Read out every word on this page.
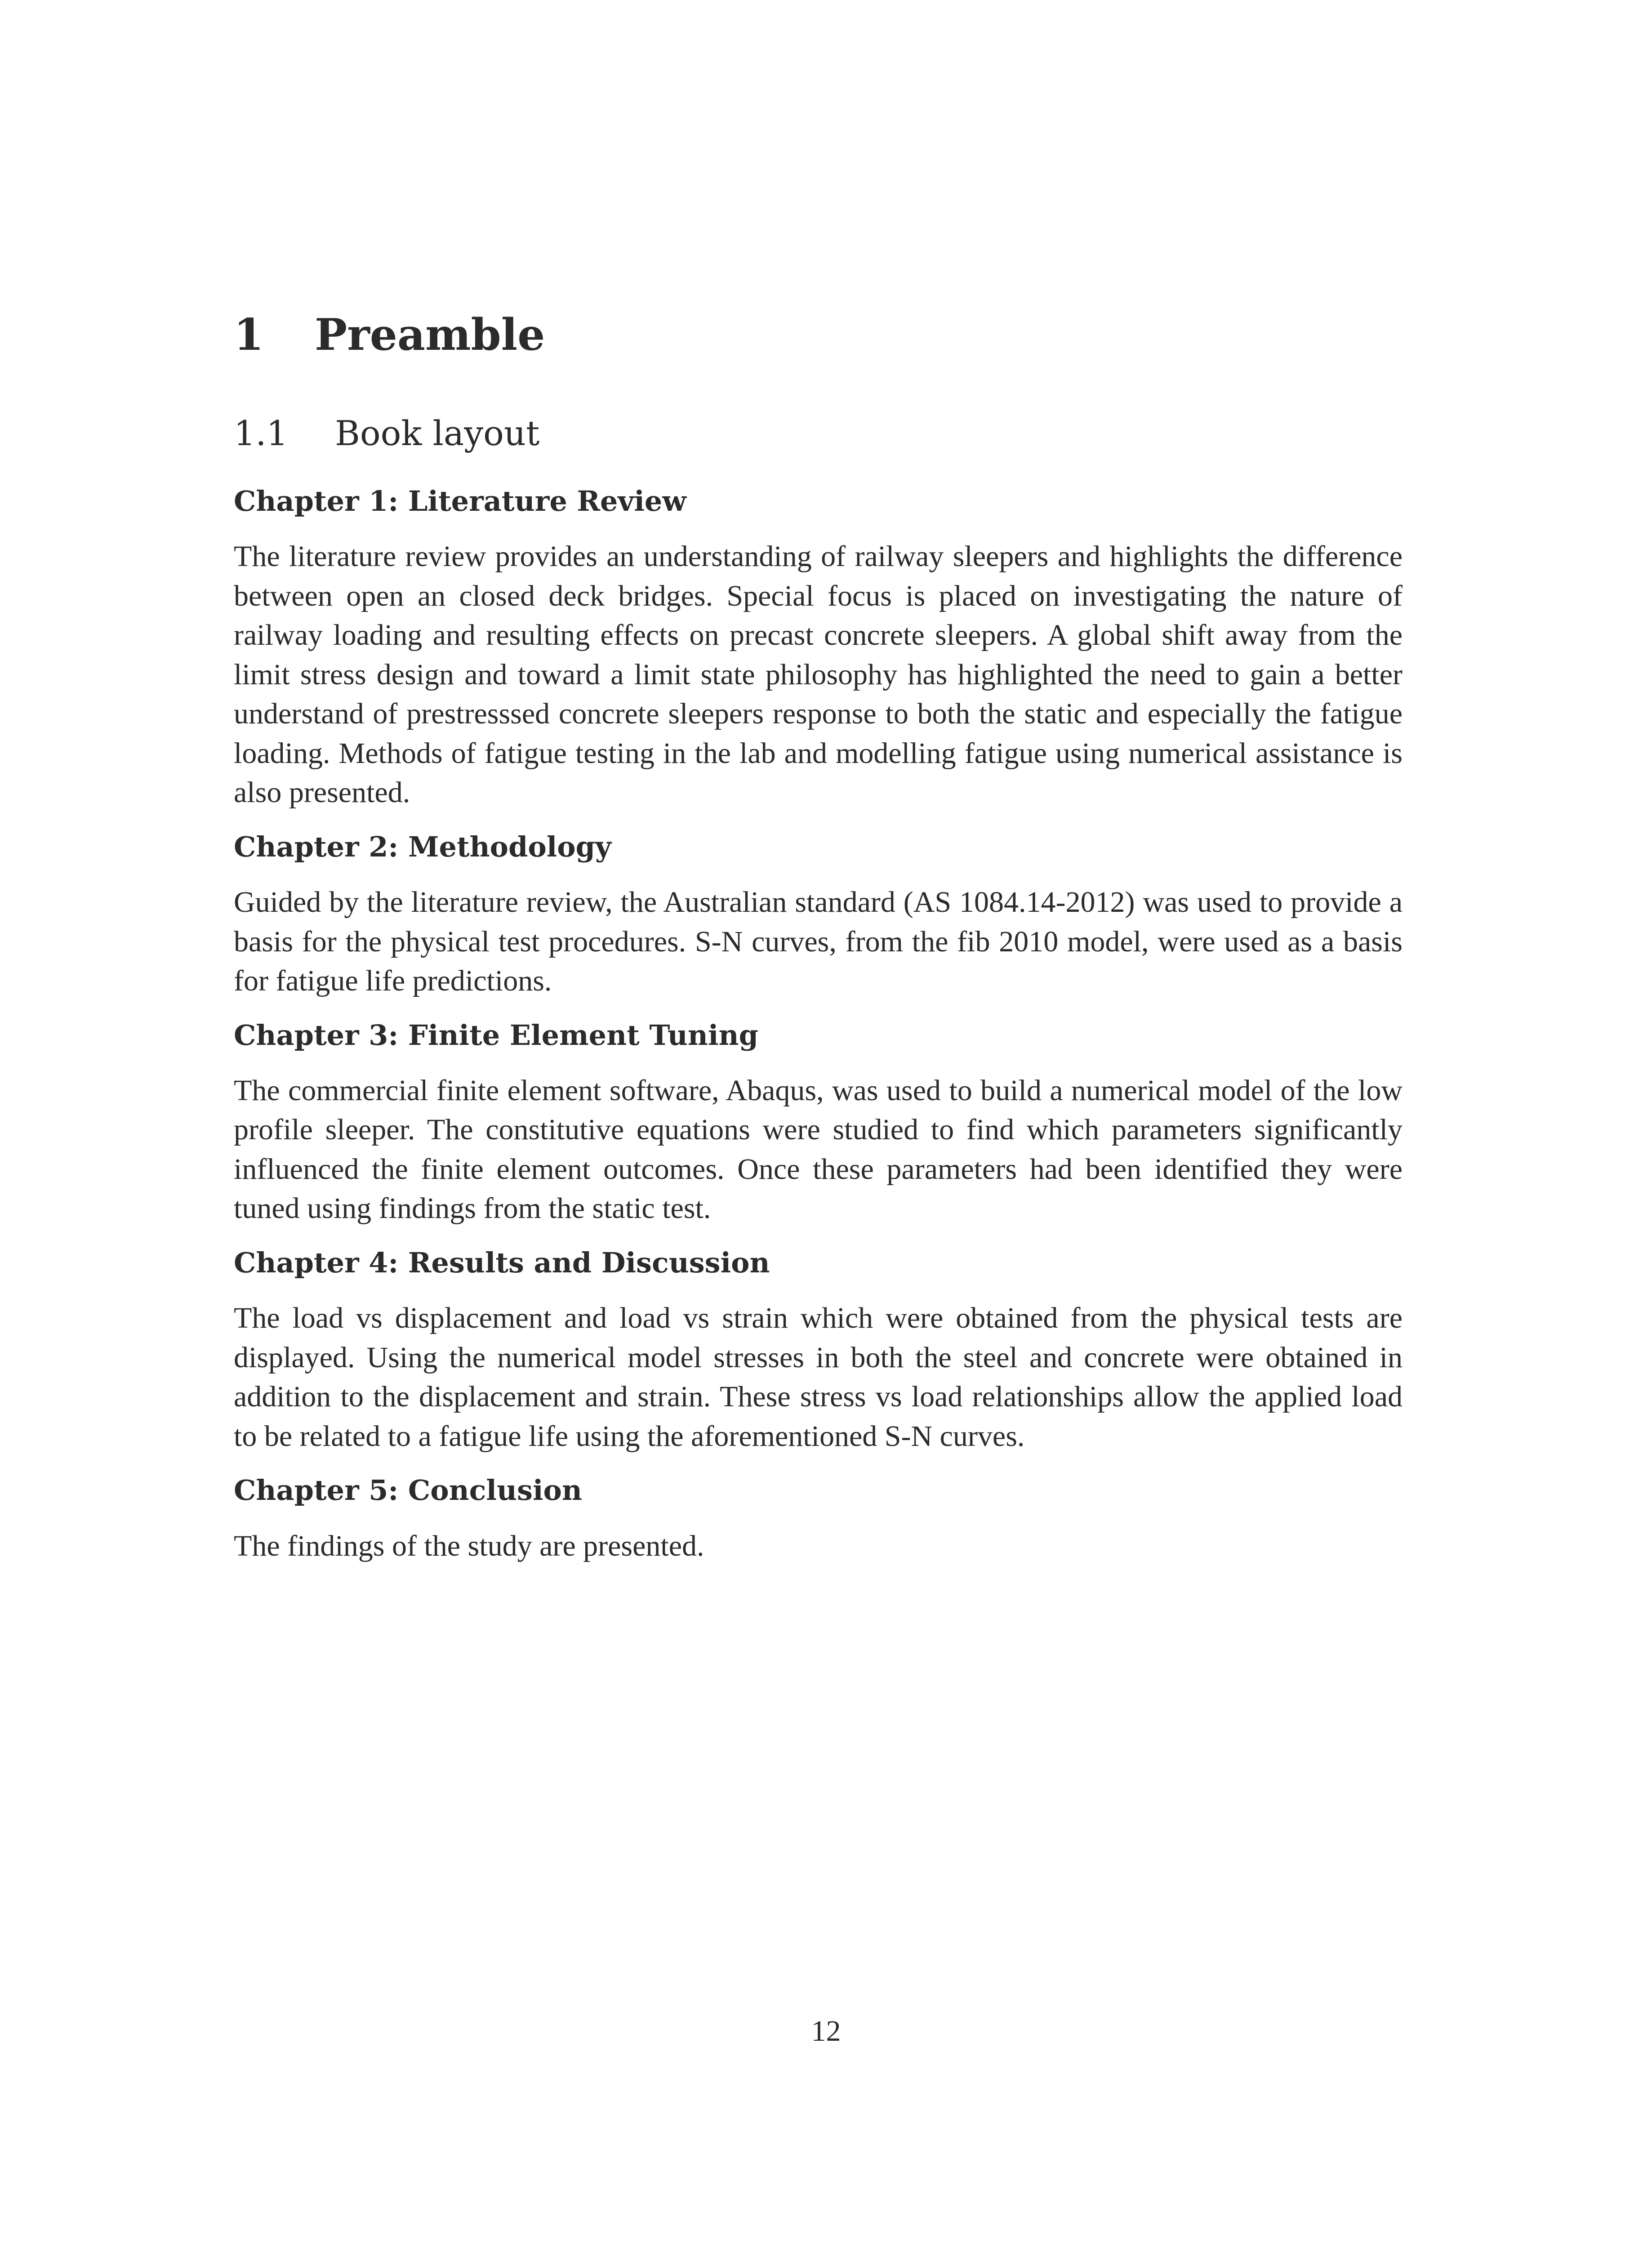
1 Preamble
1.1 Book layout
Chapter 1: Literature Review

The literature review provides an understanding of railway sleepers and highlights the difference between open an closed deck bridges. Special focus is placed on investigating the nature of railway loading and resulting effects on precast concrete sleepers. A global shift away from the limit stress design and toward a limit state philosophy has highlighted the need to gain a better understand of prestresssed concrete sleepers response to both the static and especially the fatigue loading. Methods of fatigue testing in the lab and modelling fatigue using numerical assistance is also presented.

Chapter 2: Methodology

Guided by the literature review, the Australian standard (AS 1084.14-2012) was used to provide a basis for the physical test procedures. S-N curves, from the fib 2010 model, were used as a basis for fatigue life predictions.

Chapter 3: Finite Element Tuning

The commercial finite element software, Abaqus, was used to build a numerical model of the low profile sleeper. The constitutive equations were studied to find which parameters significantly influenced the finite element outcomes. Once these parameters had been identified they were tuned using findings from the static test.

Chapter 4: Results and Discussion

The load vs displacement and load vs strain which were obtained from the physical tests are displayed. Using the numerical model stresses in both the steel and concrete were obtained in addition to the displacement and strain. These stress vs load relationships allow the applied load to be related to a fatigue life using the aforementioned S-N curves.

Chapter 5: Conclusion

The findings of the study are presented.

12
